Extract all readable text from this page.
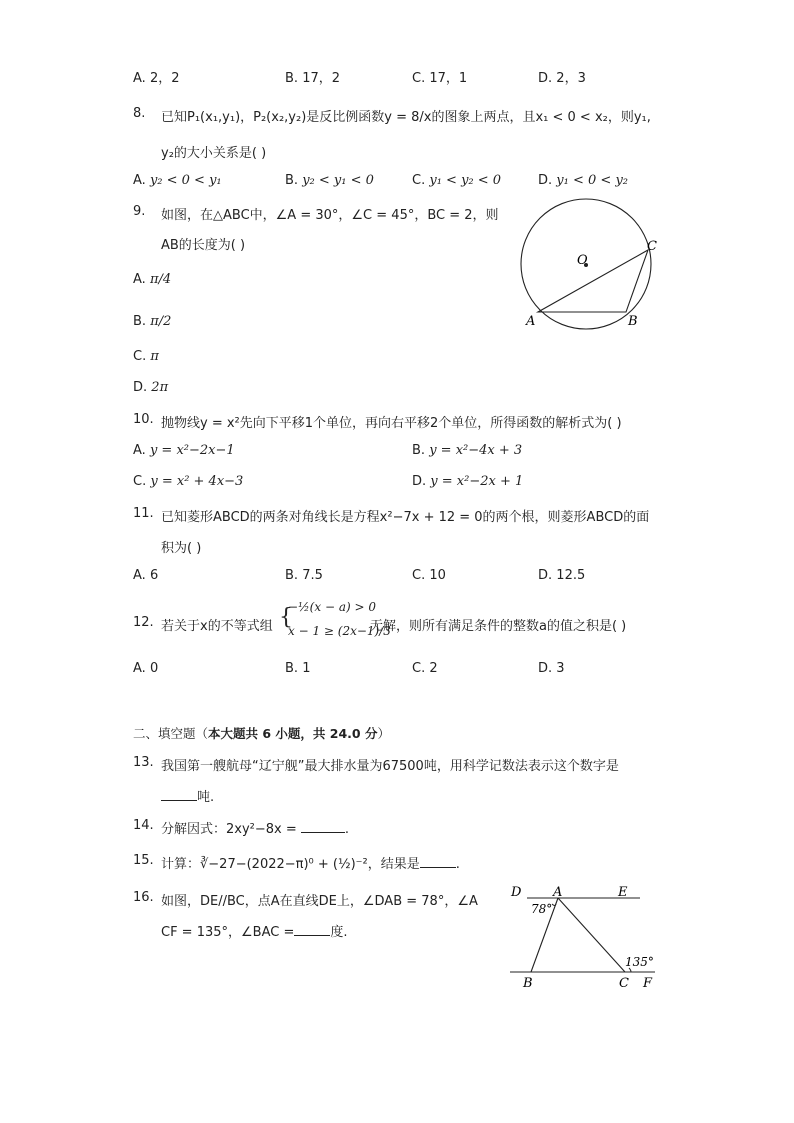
A. 2，2	B. 17，2	C. 17，1	D. 2，3
8. 已知P₁(x₁,y₁)，P₂(x₂,y₂)是反比例函数y = 8/x的图象上两点，且x₁ < 0 < x₂，则y₁,
y₂的大小关系是( )
A. y₂ < 0 < y₁	B. y₂ < y₁ < 0	C. y₁ < y₂ < 0	D. y₁ < 0 < y₂
9. 如图，在△ABC中，∠A = 30°，∠C = 45°，BC = 2，则
AB的长度为( )
A. π/4
B. π/2
C. π
D. 2π
O
A	B
C
10. 抛物线y = x²先向下平移1个单位，再向右平移2个单位，所得函数的解析式为( )
A. y = x²−2x−1	B. y = x²−4x + 3
C. y = x² + 4x−3	D. y = x²−2x + 1
11. 已知菱形ABCD的两条对角线长是方程x²−7x + 12 = 0的两个根，则菱形ABCD的面
积为( )
A. 6	B. 7.5	C. 10	D. 12.5
12. 若关于x的不等式组 {
−½(x − a) > 0
x − 1 ≥ (2x−1)/3
无解，则所有满足条件的整数a的值之积是( )
A. 0	B. 1	C. 2	D. 3
二、填空题（本大题共 6 小题，共 24.0 分）
13. 我国第一艘航母“辽宁舰”最大排水量为67500吨，用科学记数法表示这个数字是
吨.
14. 分解因式：2xy²−8x =	.
15. 计算：∛−27−(2022−π)⁰ + (½)⁻²，结果是	.
16. 如图，DE//BC，点A在直线DE上，∠DAB = 78°，∠A
CF = 135°，∠BAC =	度.
D A	E
B	C F
78°
135°
